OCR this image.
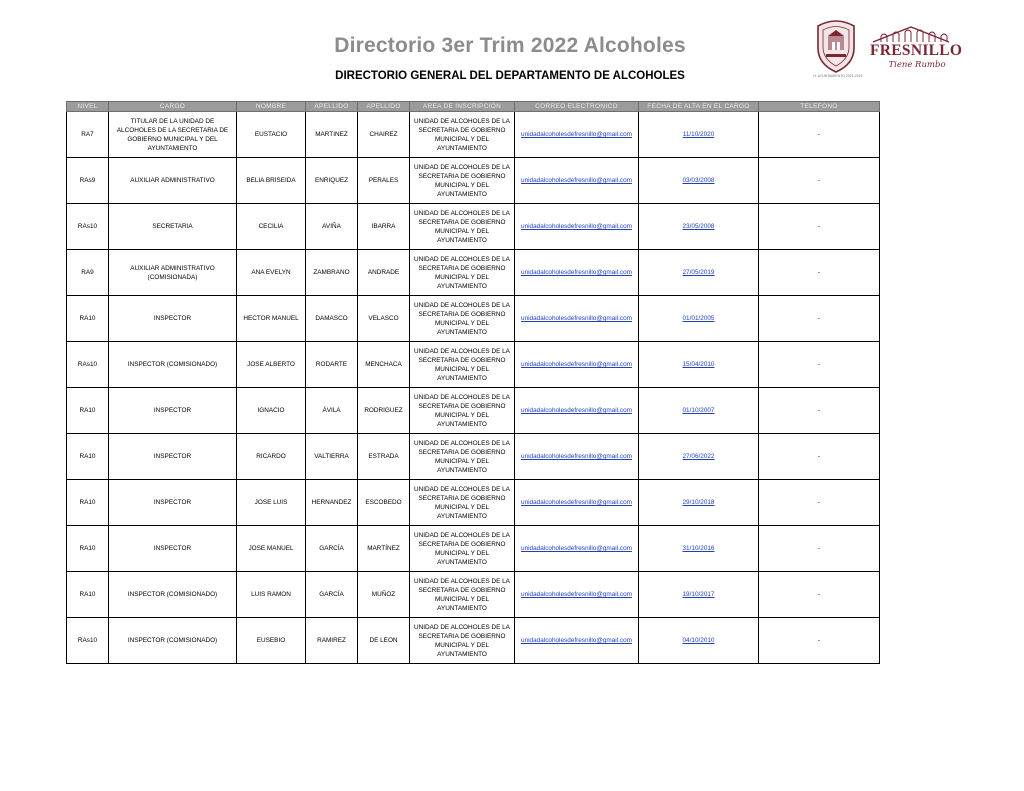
Directorio 3er Trim 2022 Alcoholes
DIRECTORIO GENERAL DEL DEPARTAMENTO DE ALCOHOLES	H. AYUNTAMIENTO 2021-2024
FRESNILLO
Tiene Rumbo
NIVEL	CARGO	NOMBRE	APELLIDO	APELLIDO	AREA DE INSCRIPCIÓN	CORREO ELECTRONICO	FECHA DE ALTA EN EL CARGO	TELEFONO
RA7	TITULAR DE LA UNIDAD DE ALCOHOLES DE LA SECRETARIA DE GOBIERNO MUNICIPAL Y DEL AYUNTAMIENTO	EUSTACIO	MARTINEZ	CHAIREZ	UNIDAD DE ALCOHOLES DE LA SECRETARIA DE GOBIERNO MUNICIPAL Y DEL AYUNTAMIENTO	unidadalcoholesdefresnillo@gmail.com	11/10/2020	-
RAs9	AUXILIAR ADMINISTRATIVO	BELIA BRISEIDA	ENRIQUEZ	PERALES	UNIDAD DE ALCOHOLES DE LA SECRETARIA DE GOBIERNO MUNICIPAL Y DEL AYUNTAMIENTO	unidadalcoholesdefresnillo@gmail.com	03/03/2008	-
RAs10	SECRETARIA	CECILIA	AVIÑA	IBARRA	UNIDAD DE ALCOHOLES DE LA SECRETARIA DE GOBIERNO MUNICIPAL Y DEL AYUNTAMIENTO	unidadalcoholesdefresnillo@gmail.com	23/05/2008	-
RA9	AUXILIAR ADMINISTRATIVO (COMISIONADA)	ANA EVELYN	ZAMBRANO	ANDRADE	UNIDAD DE ALCOHOLES DE LA SECRETARIA DE GOBIERNO MUNICIPAL Y DEL AYUNTAMIENTO	unidadalcoholesdefresnillo@gmail.com	27/05/2019	-
RA10	INSPECTOR	HECTOR MANUEL	DAMASCO	VELASCO	UNIDAD DE ALCOHOLES DE LA SECRETARIA DE GOBIERNO MUNICIPAL Y DEL AYUNTAMIENTO	unidadalcoholesdefresnillo@gmail.com	01/01/2005	-
RAs10	INSPECTOR (COMISIONADO)	JOSE ALBERTO	RODARTE	MENCHACA	UNIDAD DE ALCOHOLES DE LA SECRETARIA DE GOBIERNO MUNICIPAL Y DEL AYUNTAMIENTO	unidadalcoholesdefresnillo@gmail.com	15/04/2010	-
RA10	INSPECTOR	IGNACIO	ÁVILA	RODRIGUEZ	UNIDAD DE ALCOHOLES DE LA SECRETARIA DE GOBIERNO MUNICIPAL Y DEL AYUNTAMIENTO	unidadalcoholesdefresnillo@gmail.com	01/10/2007	-
RA10	INSPECTOR	RICARDO	VALTIERRA	ESTRADA	UNIDAD DE ALCOHOLES DE LA SECRETARIA DE GOBIERNO MUNICIPAL Y DEL AYUNTAMIENTO	unidadalcoholesdefresnillo@gmail.com	27/06/2022	-
RA10	INSPECTOR	JOSE LUIS	HERNANDEZ	ESCOBEDO	UNIDAD DE ALCOHOLES DE LA SECRETARIA DE GOBIERNO MUNICIPAL Y DEL AYUNTAMIENTO	unidadalcoholesdefresnillo@gmail.com	29/10/2018	-
RA10	INSPECTOR	JOSE MANUEL	GARCÍA	MARTÍNEZ	UNIDAD DE ALCOHOLES DE LA SECRETARIA DE GOBIERNO MUNICIPAL Y DEL AYUNTAMIENTO	unidadalcoholesdefresnillo@gmail.com	31/10/2016	-
RA10	INSPECTOR (COMISIONADO)	LUIS RAMON	GARCÍA	MUÑOZ	UNIDAD DE ALCOHOLES DE LA SECRETARIA DE GOBIERNO MUNICIPAL Y DEL AYUNTAMIENTO	unidadalcoholesdefresnillo@gmail.com	19/10/2017	-
RAs10	INSPECTOR (COMISIONADO)	EUSEBIO	RAMIREZ	DE LEON	UNIDAD DE ALCOHOLES DE LA SECRETARIA DE GOBIERNO MUNICIPAL Y DEL AYUNTAMIENTO	unidadalcoholesdefresnillo@gmail.com	04/10/2010	-
